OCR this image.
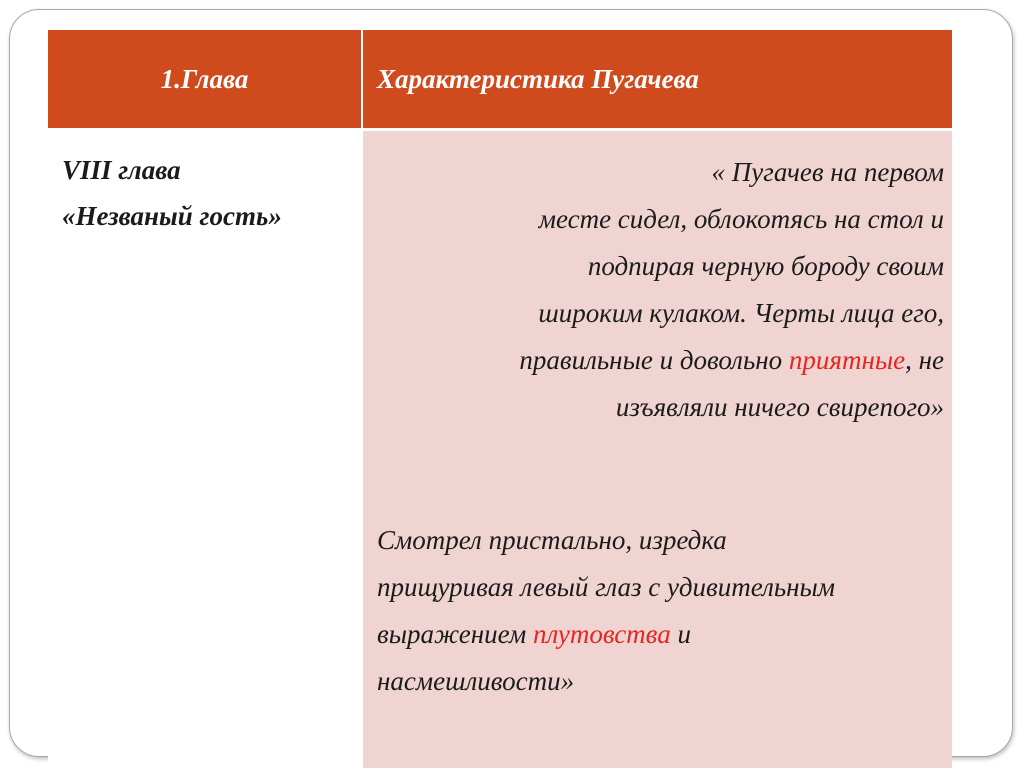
1.Глава	Характеристика Пугачева
VIII глава
«Незваный гость»
« Пугачев на первом
месте сидел, облокотясь на стол и
подпирая черную бороду своим
широким кулаком. Черты лица его,
правильные и довольно приятные, не
изъявляли ничего свирепого»
Смотрел пристально, изредка
прищуривая левый глаз с удивительным
выражением плутовства и
насмешливости»
